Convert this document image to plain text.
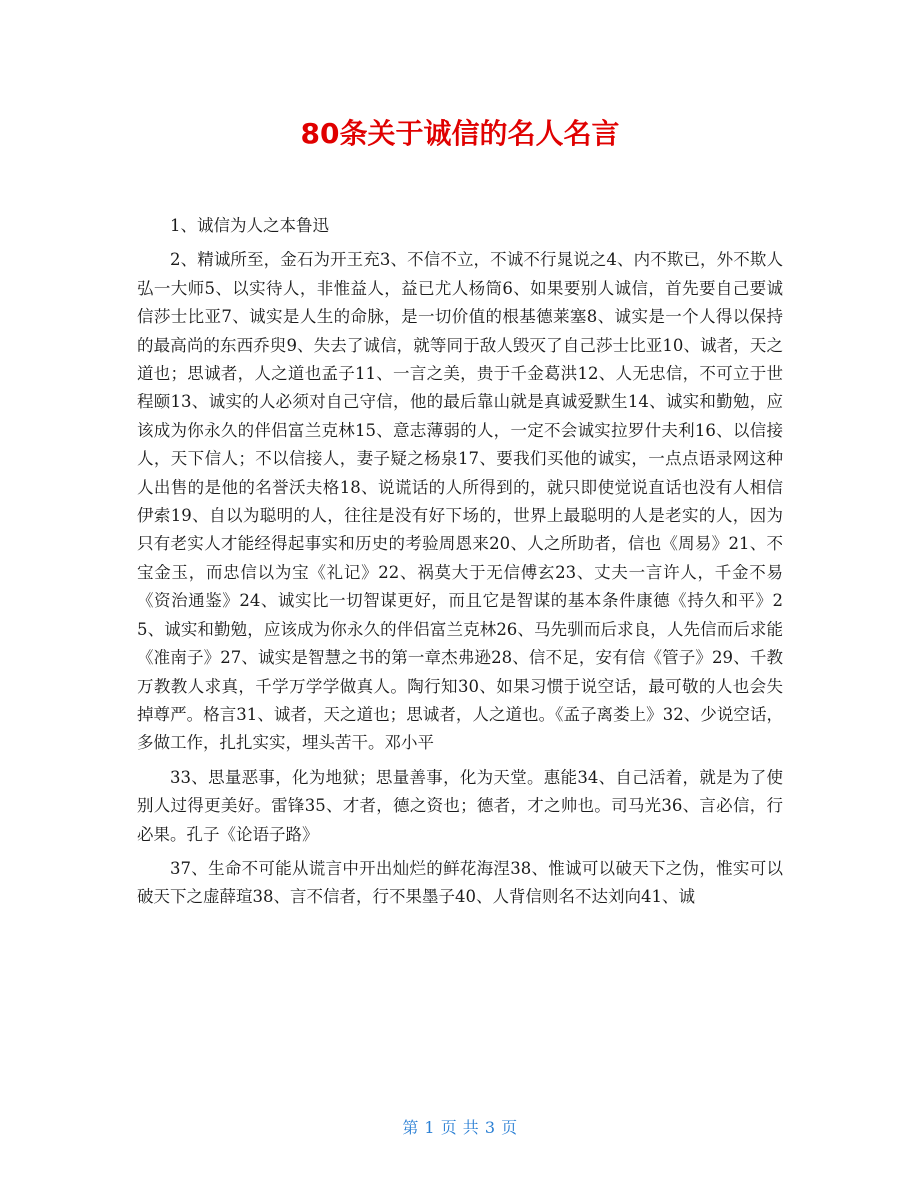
80条关于诚信的名人名言

1、诚信为人之本鲁迅

2、精诚所至，金石为开王充3、不信不立，不诚不行晁说之4、内不欺已，外不欺人弘一大师5、以实待人，非惟益人，益已尤人杨筒6、如果要别人诚信，首先要自己要诚信莎士比亚7、诚实是人生的命脉，是一切价值的根基德莱塞8、诚实是一个人得以保持的最高尚的东西乔臾9、失去了诚信，就等同于敌人毁灭了自己莎士比亚10、诚者，天之道也；思诚者，人之道也孟子11、一言之美，贵于千金葛洪12、人无忠信，不可立于世程颐13、诚实的人必须对自己守信，他的最后靠山就是真诚爱默生14、诚实和勤勉，应该成为你永久的伴侣富兰克林15、意志薄弱的人，一定不会诚实拉罗什夫利16、以信接人，天下信人；不以信接人，妻子疑之杨泉17、要我们买他的诚实，一点点语录网这种人出售的是他的名誉沃夫格18、说谎话的人所得到的，就只即使觉说直话也没有人相信伊索19、自以为聪明的人，往往是没有好下场的，世界上最聪明的人是老实的人，因为只有老实人才能经得起事实和历史的考验周恩来20、人之所助者，信也《周易》21、不宝金玉，而忠信以为宝《礼记》22、祸莫大于无信傅玄23、丈夫一言许人，千金不易《资治通鉴》24、诚实比一切智谋更好，而且它是智谋的基本条件康德《持久和平》25、诚实和勤勉，应该成为你永久的伴侣富兰克林26、马先驯而后求良，人先信而后求能《准南子》27、诚实是智慧之书的第一章杰弗逊28、信不足，安有信《管子》29、千教万教教人求真，千学万学学做真人。陶行知30、如果习惯于说空话，最可敬的人也会失掉尊严。格言31、诚者，天之道也；思诚者，人之道也。《孟子离娄上》32、少说空话，多做工作，扎扎实实，埋头苦干。邓小平

33、思量恶事，化为地狱；思量善事，化为天堂。惠能34、自己活着，就是为了使别人过得更美好。雷锋35、才者，德之资也；德者，才之帅也。司马光36、言必信，行必果。孔子《论语子路》

37、生命不可能从谎言中开出灿烂的鲜花海涅38、惟诚可以破天下之伪，惟实可以破天下之虚薛瑄38、言不信者，行不果墨子40、人背信则名不达刘向41、诚

第 1 页 共 3 页
